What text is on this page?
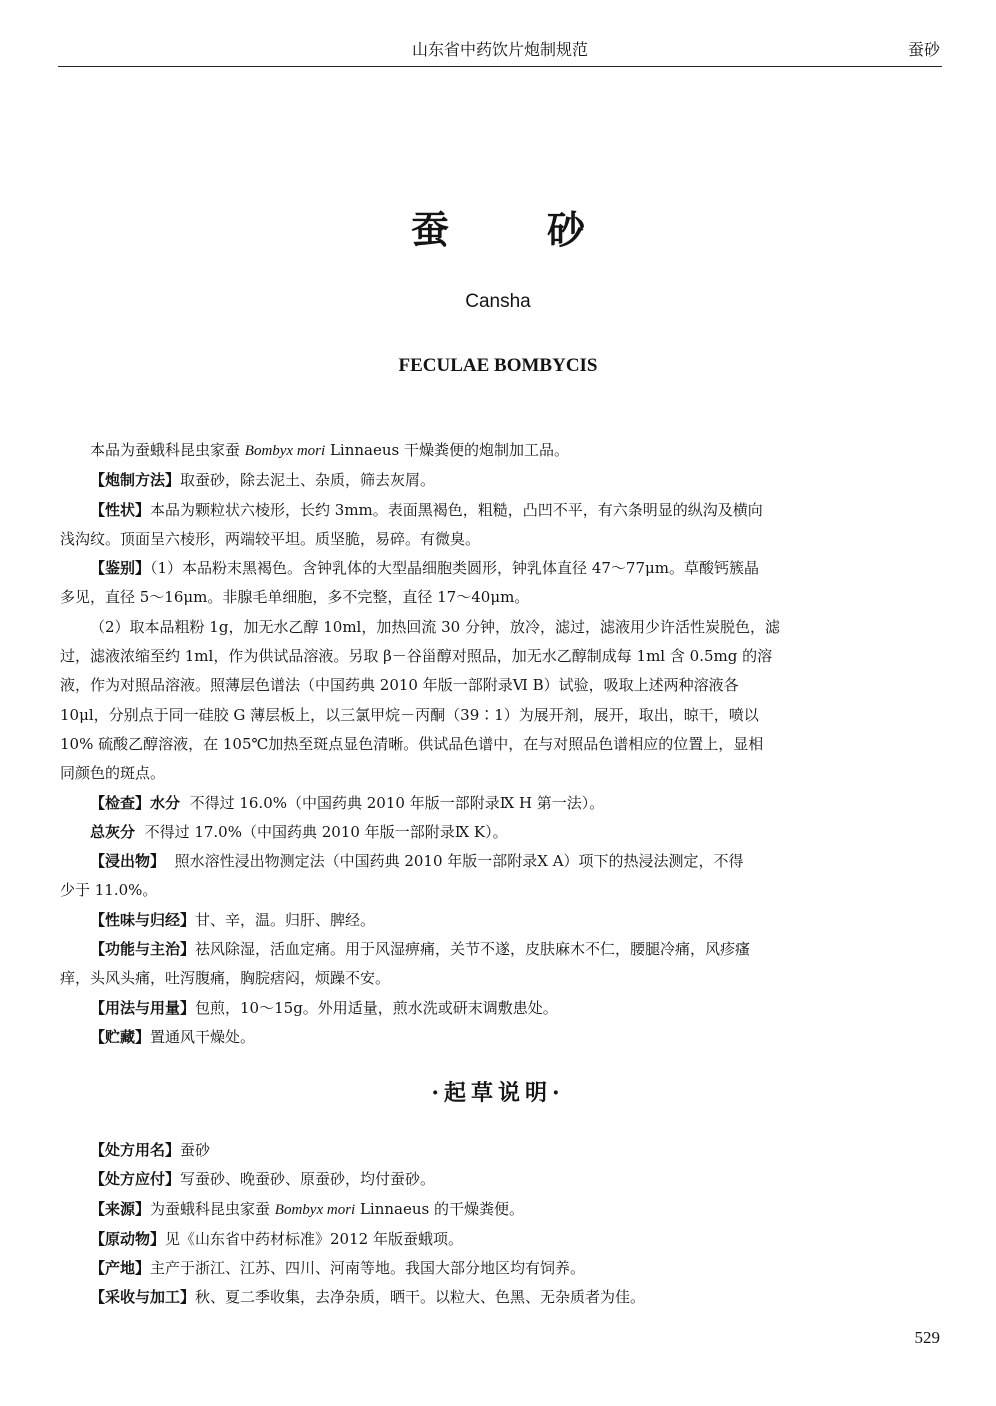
山东省中药饮片炮制规范	蚕砂
蚕砂
Cansha
FECULAE BOMBYCIS

本品为蚕蛾科昆虫家蚕 Bombyx mori Linnaeus 干燥粪便的炮制加工品。

【炮制方法】取蚕砂，除去泥土、杂质，筛去灰屑。

【性状】本品为颗粒状六棱形，长约 3mm。表面黑褐色，粗糙，凸凹不平，有六条明显的纵沟及横向

浅沟纹。顶面呈六棱形，两端较平坦。质坚脆，易碎。有微臭。

【鉴别】（1）本品粉末黑褐色。含钟乳体的大型晶细胞类圆形，钟乳体直径 47～77μm。草酸钙簇晶

多见，直径 5～16μm。非腺毛单细胞，多不完整，直径 17～40μm。

（2）取本品粗粉 1g，加无水乙醇 10ml，加热回流 30 分钟，放冷，滤过，滤液用少许活性炭脱色，滤

过，滤液浓缩至约 1ml，作为供试品溶液。另取 β－谷甾醇对照品，加无水乙醇制成每 1ml 含 0.5mg 的溶

液，作为对照品溶液。照薄层色谱法（中国药典 2010 年版一部附录Ⅵ B）试验，吸取上述两种溶液各

10μl，分别点于同一硅胶 G 薄层板上，以三氯甲烷－丙酮（39∶1）为展开剂，展开，取出，晾干，喷以

10% 硫酸乙醇溶液，在 105℃加热至斑点显色清晰。供试品色谱中，在与对照品色谱相应的位置上，显相

同颜色的斑点。

【检查】水分 不得过 16.0%（中国药典 2010 年版一部附录Ⅸ H 第一法）。

总灰分 不得过 17.0%（中国药典 2010 年版一部附录Ⅸ K）。

【浸出物】 照水溶性浸出物测定法（中国药典 2010 年版一部附录Ⅹ A）项下的热浸法测定，不得

少于 11.0%。

【性味与归经】甘、辛，温。归肝、脾经。

【功能与主治】祛风除湿，活血定痛。用于风湿痹痛，关节不遂，皮肤麻木不仁，腰腿冷痛，风疹瘙

痒，头风头痛，吐泻腹痛，胸脘痞闷，烦躁不安。

【用法与用量】包煎，10～15g。外用适量，煎水洗或研末调敷患处。

【贮藏】置通风干燥处。

·起草说明·

【处方用名】蚕砂

【处方应付】写蚕砂、晚蚕砂、原蚕砂，均付蚕砂。

【来源】为蚕蛾科昆虫家蚕 Bombyx mori Linnaeus 的干燥粪便。

【原动物】见《山东省中药材标准》2012 年版蚕蛾项。

【产地】主产于浙江、江苏、四川、河南等地。我国大部分地区均有饲养。

【采收与加工】秋、夏二季收集，去净杂质，晒干。以粒大、色黑、无杂质者为佳。

529
